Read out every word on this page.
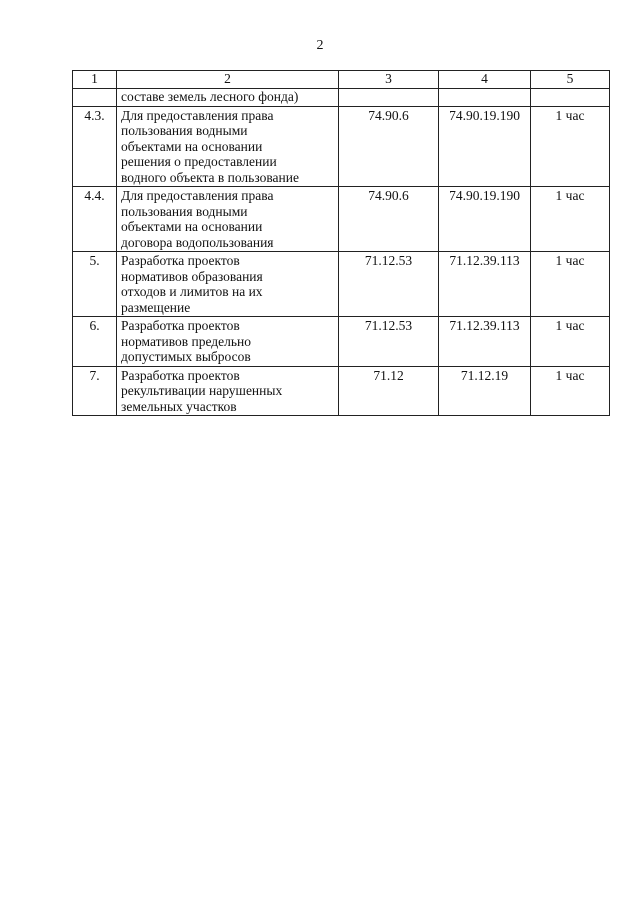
2
1	2	3	4	5
	составе земель лесного фонда)			
4.3.	Для предоставления права
пользования водными
объектами на основании
решения о предоставлении
водного объекта в пользование	74.90.6	74.90.19.190	1 час
4.4.	Для предоставления права
пользования водными
объектами на основании
договора водопользования	74.90.6	74.90.19.190	1 час
5.	Разработка проектов
нормативов образования
отходов и лимитов на их
размещение	71.12.53	71.12.39.113	1 час
6.	Разработка проектов
нормативов предельно
допустимых выбросов	71.12.53	71.12.39.113	1 час
7.	Разработка проектов
рекультивации нарушенных
земельных участков	71.12	71.12.19	1 час
